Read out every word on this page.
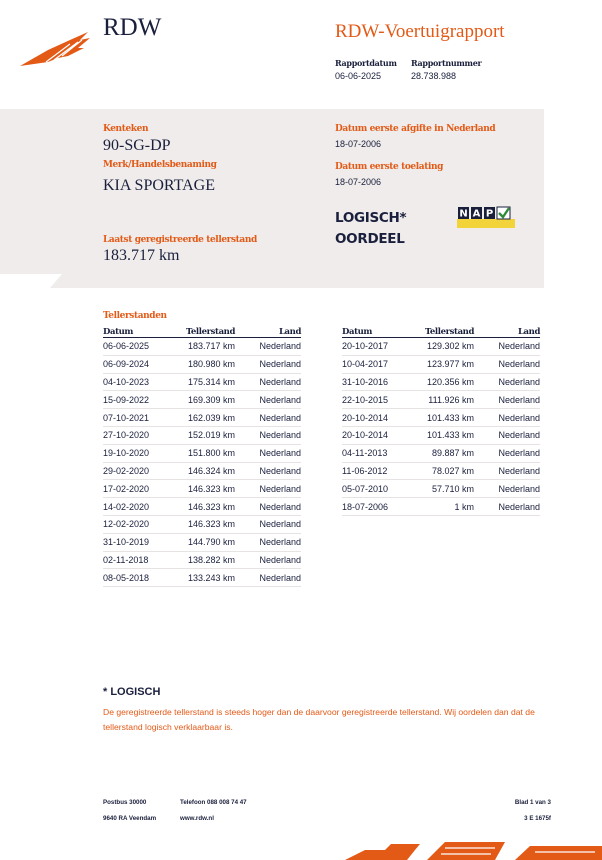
RDW	RDW-Voertuigrapport
Rapportdatum
06-06-2025
Rapportnummer
28.738.988
Kenteken
90-SG-DP
Merk/Handelsbenaming
KIA SPORTAGE
Laatst geregistreerde tellerstand
183.717 km
Datum eerste afgifte in Nederland
18-07-2006
Datum eerste toelating
18-07-2006
LOGISCH*
OORDEEL
N A P
Tellerstanden
Datum	Tellerstand	Land
06-06-2025	183.717 km	Nederland
06-09-2024	180.980 km	Nederland
04-10-2023	175.314 km	Nederland
15-09-2022	169.309 km	Nederland
07-10-2021	162.039 km	Nederland
27-10-2020	152.019 km	Nederland
19-10-2020	151.800 km	Nederland
29-02-2020	146.324 km	Nederland
17-02-2020	146.323 km	Nederland
14-02-2020	146.323 km	Nederland
12-02-2020	146.323 km	Nederland
31-10-2019	144.790 km	Nederland
02-11-2018	138.282 km	Nederland
08-05-2018	133.243 km	Nederland
Datum	Tellerstand	Land
20-10-2017	129.302 km	Nederland
10-04-2017	123.977 km	Nederland
31-10-2016	120.356 km	Nederland
22-10-2015	111.926 km	Nederland
20-10-2014	101.433 km	Nederland
20-10-2014	101.433 km	Nederland
04-11-2013	89.887 km	Nederland
11-06-2012	78.027 km	Nederland
05-07-2010	57.710 km	Nederland
18-07-2006	1 km	Nederland
* LOGISCH
De geregistreerde tellerstand is steeds hoger dan de daarvoor geregistreerde tellerstand. Wij oordelen dan dat de tellerstand logisch verklaarbaar is.
Postbus 30000
9640 RA Veendam
Telefoon 088 008 74 47
www.rdw.nl
Blad 1 van 3
3 E 1675f
